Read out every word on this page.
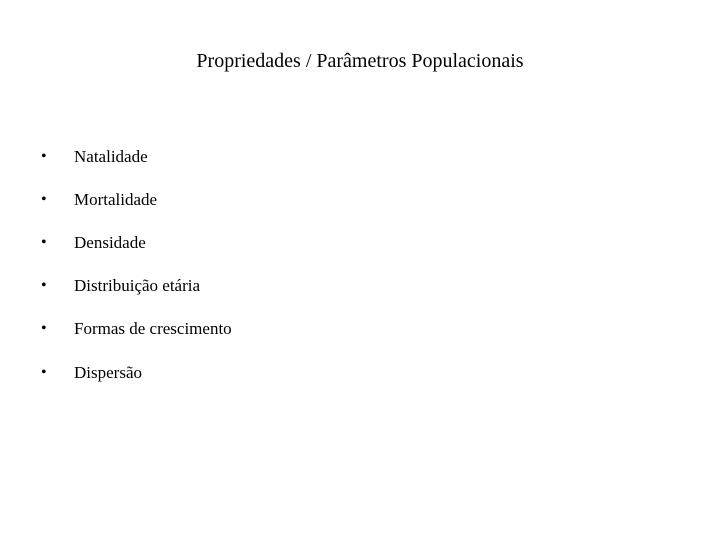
Propriedades / Parâmetros Populacionais
• Natalidade
• Mortalidade
• Densidade
• Distribuição etária
• Formas de crescimento
• Dispersão
